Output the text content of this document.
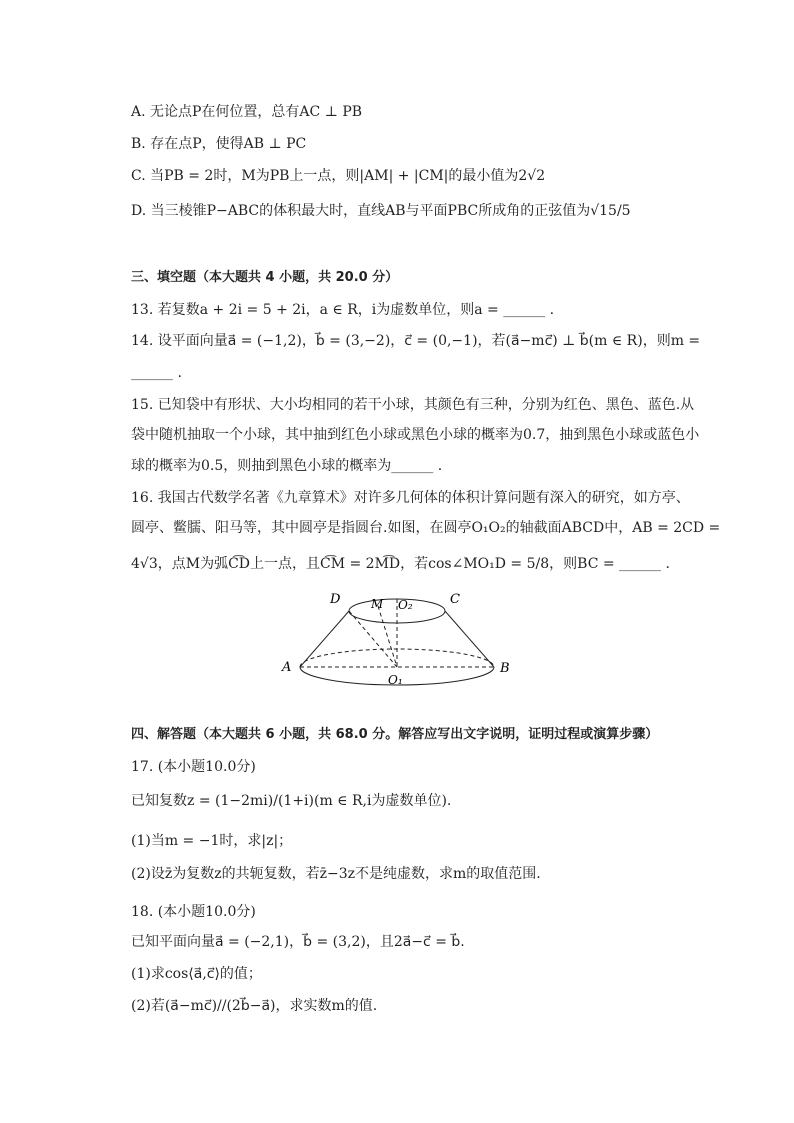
A. 无论点P在何位置，总有AC ⊥ PB
B. 存在点P，使得AB ⊥ PC
C. 当PB = 2时，M为PB上一点，则|AM| + |CM|的最小值为2√2
D. 当三棱锥P−ABC的体积最大时，直线AB与平面PBC所成角的正弦值为√15/5
三、填空题（本大题共 4 小题，共 20.0 分）
13. 若复数a + 2i = 5 + 2i，a ∈ R，i为虚数单位，则a = ______ .
14. 设平面向量a⃗ = (−1,2)，b⃗ = (3,−2)，c⃗ = (0,−1)，若(a⃗−mc⃗) ⊥ b⃗(m ∈ R)，则m =
______ .
15. 已知袋中有形状、大小均相同的若干小球，其颜色有三种，分别为红色、黑色、蓝色.从
袋中随机抽取一个小球，其中抽到红色小球或黑色小球的概率为0.7，抽到黑色小球或蓝色小
球的概率为0.5，则抽到黑色小球的概率为______ .
16. 我国古代数学名著《九章算术》对许多几何体的体积计算问题有深入的研究，如方亭、
圆亭、鳖臑、阳马等，其中圆亭是指圆台.如图，在圆亭O₁O₂的轴截面ABCD中，AB = 2CD =
4√3，点M为弧C͡D上一点，且C͡M = 2M͡D，若cos∠MO₁D = 5/8，则BC = ______ .
D	M O₂	C
A
O₁
B
四、解答题（本大题共 6 小题，共 68.0 分。解答应写出文字说明，证明过程或演算步骤）
17. (本小题10.0分)
已知复数z = (1−2mi)/(1+i)(m ∈ R,i为虚数单位).
(1)当m = −1时，求|z|；
(2)设z̄为复数z的共轭复数，若z̄−3z不是纯虚数，求m的取值范围.
18. (本小题10.0分)
已知平面向量a⃗ = (−2,1)，b⃗ = (3,2)，且2a⃗−c⃗ = b⃗.
(1)求cos⟨a⃗,c⃗⟩的值；
(2)若(a⃗−mc⃗)//(2b⃗−a⃗)，求实数m的值.
